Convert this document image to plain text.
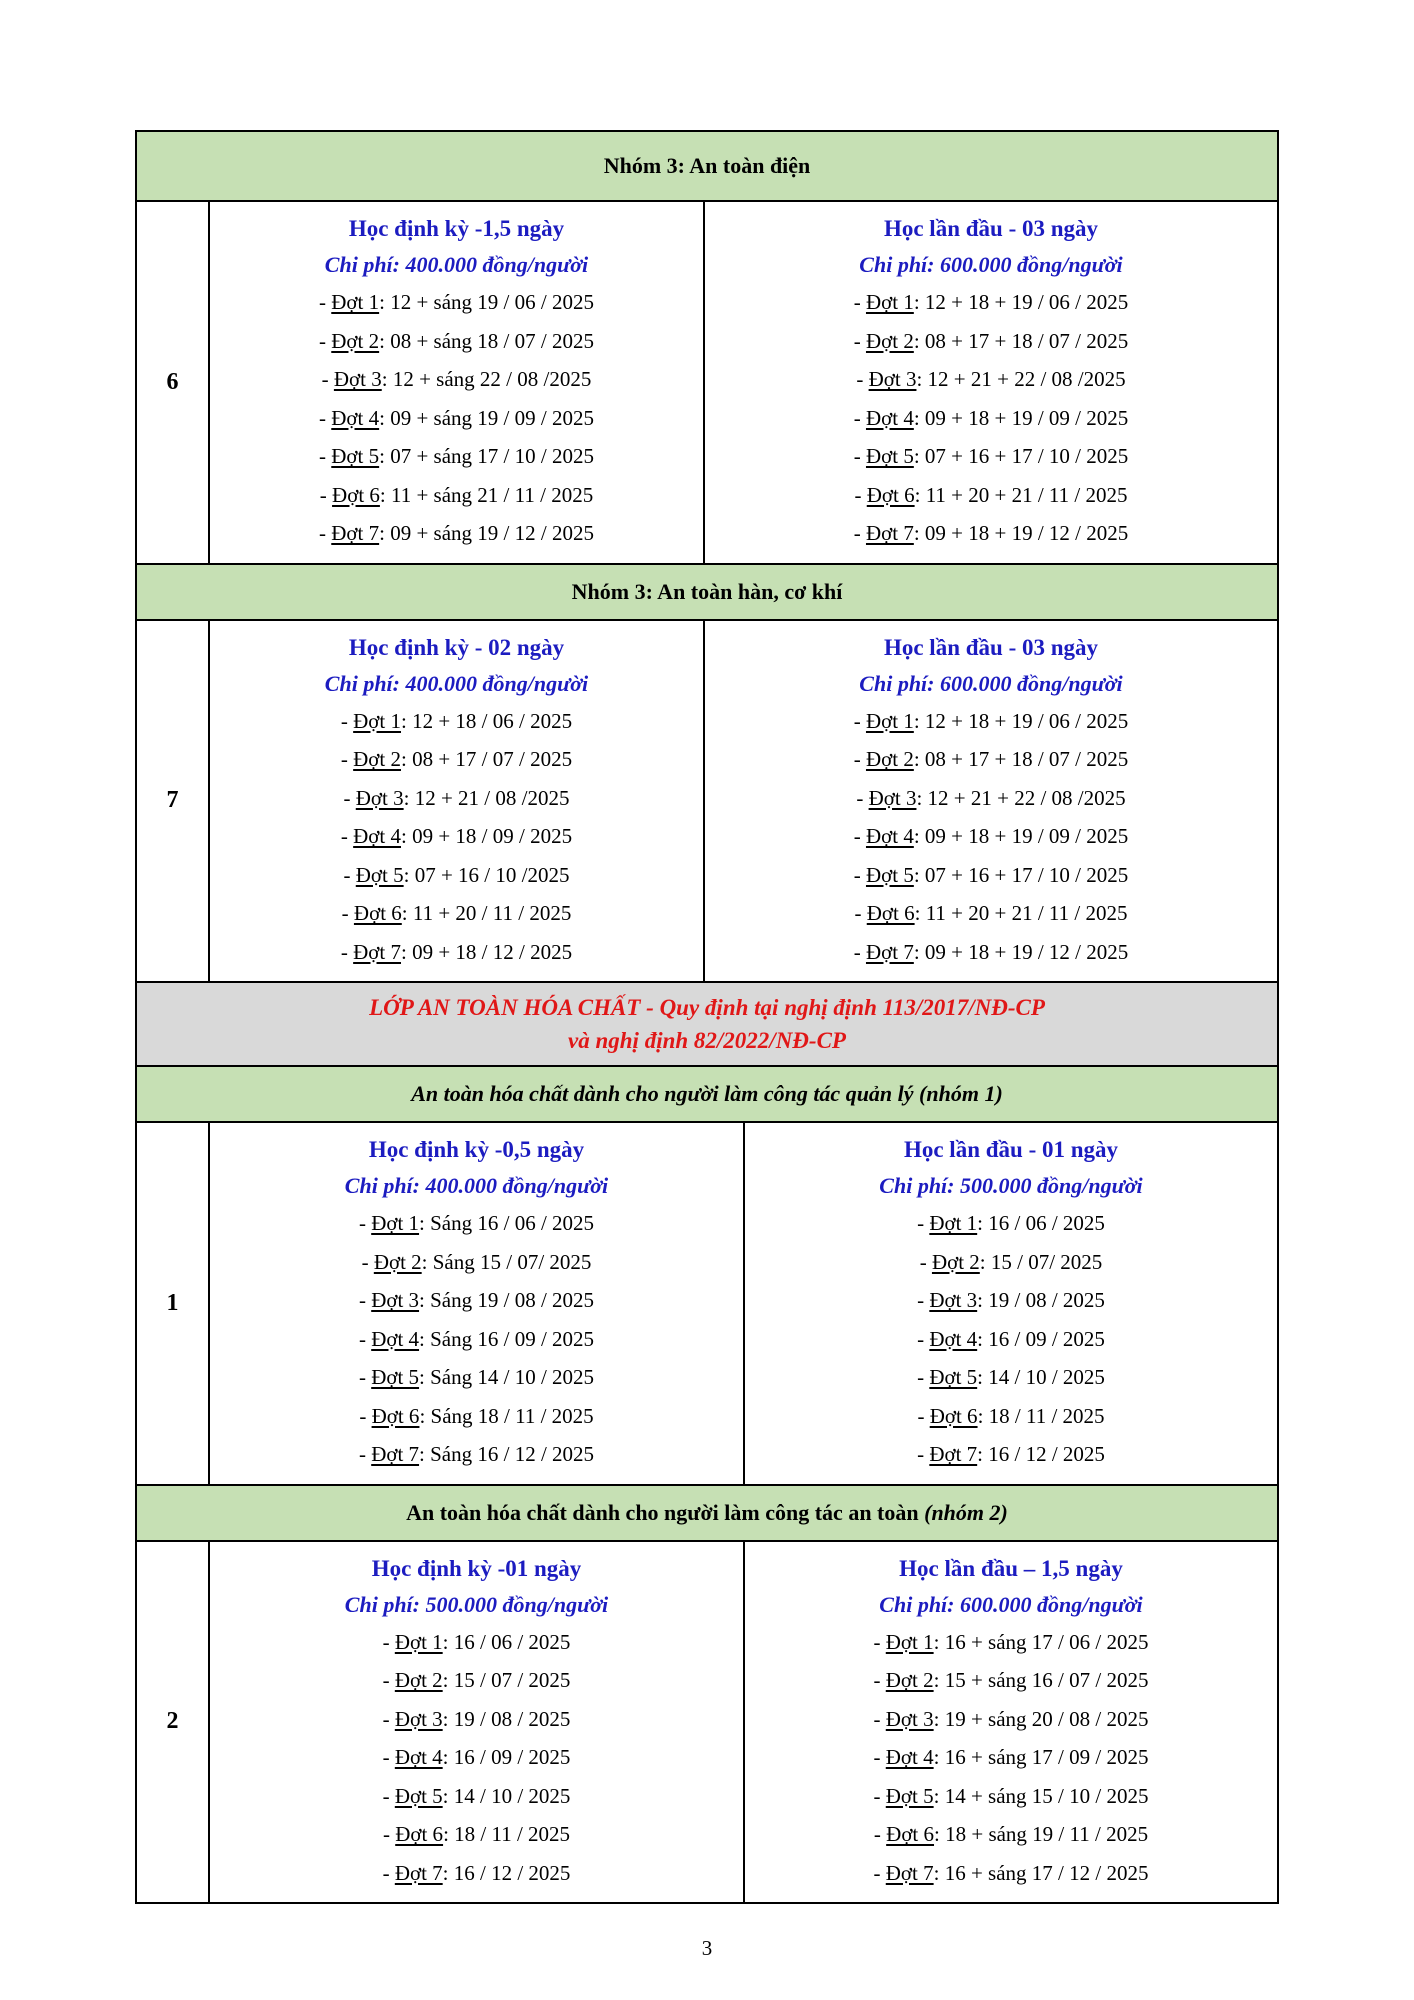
Nhóm 3: An toàn điện
6
Học định kỳ -1,5 ngày
Chi phí: 400.000 đồng/người
- Đợt 1: 12 + sáng 19 / 06 / 2025
- Đợt 2: 08 + sáng 18 / 07 / 2025
- Đợt 3: 12 + sáng 22 / 08 /2025
- Đợt 4: 09 + sáng 19 / 09 / 2025
- Đợt 5: 07 + sáng 17 / 10 / 2025
- Đợt 6: 11 + sáng 21 / 11 / 2025
- Đợt 7: 09 + sáng 19 / 12 / 2025
Học lần đầu - 03 ngày
Chi phí: 600.000 đồng/người
- Đợt 1: 12 + 18 + 19 / 06 / 2025
- Đợt 2: 08 + 17 + 18 / 07 / 2025
- Đợt 3: 12 + 21 + 22 / 08 /2025
- Đợt 4: 09 + 18 + 19 / 09 / 2025
- Đợt 5: 07 + 16 + 17 / 10 / 2025
- Đợt 6: 11 + 20 + 21 / 11 / 2025
- Đợt 7: 09 + 18 + 19 / 12 / 2025
Nhóm 3: An toàn hàn, cơ khí
7
Học định kỳ - 02 ngày
Chi phí: 400.000 đồng/người
- Đợt 1: 12 + 18 / 06 / 2025
- Đợt 2: 08 + 17 / 07 / 2025
- Đợt 3: 12 + 21 / 08 /2025
- Đợt 4: 09 + 18 / 09 / 2025
- Đợt 5: 07 + 16 / 10 /2025
- Đợt 6: 11 + 20 / 11 / 2025
- Đợt 7: 09 + 18 / 12 / 2025
Học lần đầu - 03 ngày
Chi phí: 600.000 đồng/người
- Đợt 1: 12 + 18 + 19 / 06 / 2025
- Đợt 2: 08 + 17 + 18 / 07 / 2025
- Đợt 3: 12 + 21 + 22 / 08 /2025
- Đợt 4: 09 + 18 + 19 / 09 / 2025
- Đợt 5: 07 + 16 + 17 / 10 / 2025
- Đợt 6: 11 + 20 + 21 / 11 / 2025
- Đợt 7: 09 + 18 + 19 / 12 / 2025
LỚP AN TOÀN HÓA CHẤT - Quy định tại nghị định 113/2017/NĐ-CP
và nghị định 82/2022/NĐ-CP
An toàn hóa chất dành cho người làm công tác quản lý (nhóm 1)
1
Học định kỳ -0,5 ngày
Chi phí: 400.000 đồng/người
- Đợt 1: Sáng 16 / 06 / 2025
- Đợt 2: Sáng 15 / 07/ 2025
- Đợt 3: Sáng 19 / 08 / 2025
- Đợt 4: Sáng 16 / 09 / 2025
- Đợt 5: Sáng 14 / 10 / 2025
- Đợt 6: Sáng 18 / 11 / 2025
- Đợt 7: Sáng 16 / 12 / 2025
Học lần đầu - 01 ngày
Chi phí: 500.000 đồng/người
- Đợt 1: 16 / 06 / 2025
- Đợt 2: 15 / 07/ 2025
- Đợt 3: 19 / 08 / 2025
- Đợt 4: 16 / 09 / 2025
- Đợt 5: 14 / 10 / 2025
- Đợt 6: 18 / 11 / 2025
- Đợt 7: 16 / 12 / 2025
An toàn hóa chất dành cho người làm công tác an toàn (nhóm 2)
2
Học định kỳ -01 ngày
Chi phí: 500.000 đồng/người
- Đợt 1: 16 / 06 / 2025
- Đợt 2: 15 / 07 / 2025
- Đợt 3: 19 / 08 / 2025
- Đợt 4: 16 / 09 / 2025
- Đợt 5: 14 / 10 / 2025
- Đợt 6: 18 / 11 / 2025
- Đợt 7: 16 / 12 / 2025
Học lần đầu – 1,5 ngày
Chi phí: 600.000 đồng/người
- Đợt 1: 16 + sáng 17 / 06 / 2025
- Đợt 2: 15 + sáng 16 / 07 / 2025
- Đợt 3: 19 + sáng 20 / 08 / 2025
- Đợt 4: 16 + sáng 17 / 09 / 2025
- Đợt 5: 14 + sáng 15 / 10 / 2025
- Đợt 6: 18 + sáng 19 / 11 / 2025
- Đợt 7: 16 + sáng 17 / 12 / 2025
3
